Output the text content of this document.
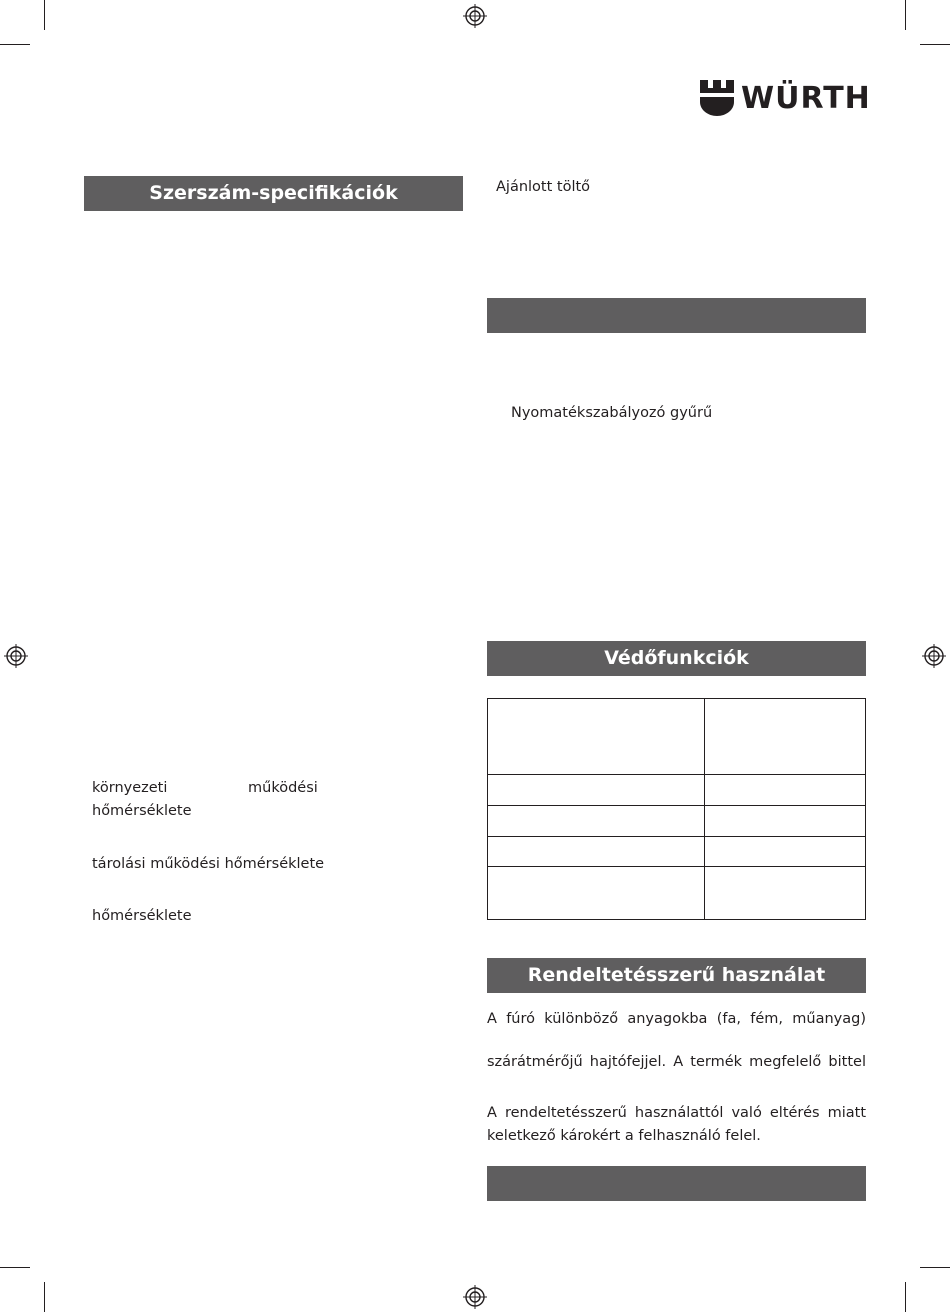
WÜRTH
Szerszám-specifikációk
környezeti	működési
hőmérséklete
tárolási működési hőmérséklete
hőmérséklete
Ajánlott töltő
Nyomatékszabályozó gyűrű
Védőfunkciók

Rendeltetésszerű használat
A fúró különböző anyagokba (fa, fém, műanyag)
szárátmérőjű hajtófejjel. A termék megfelelő bittel
A rendeltetésszerű használattól való eltérés miatt keletkező károkért a felhasználó felel.
